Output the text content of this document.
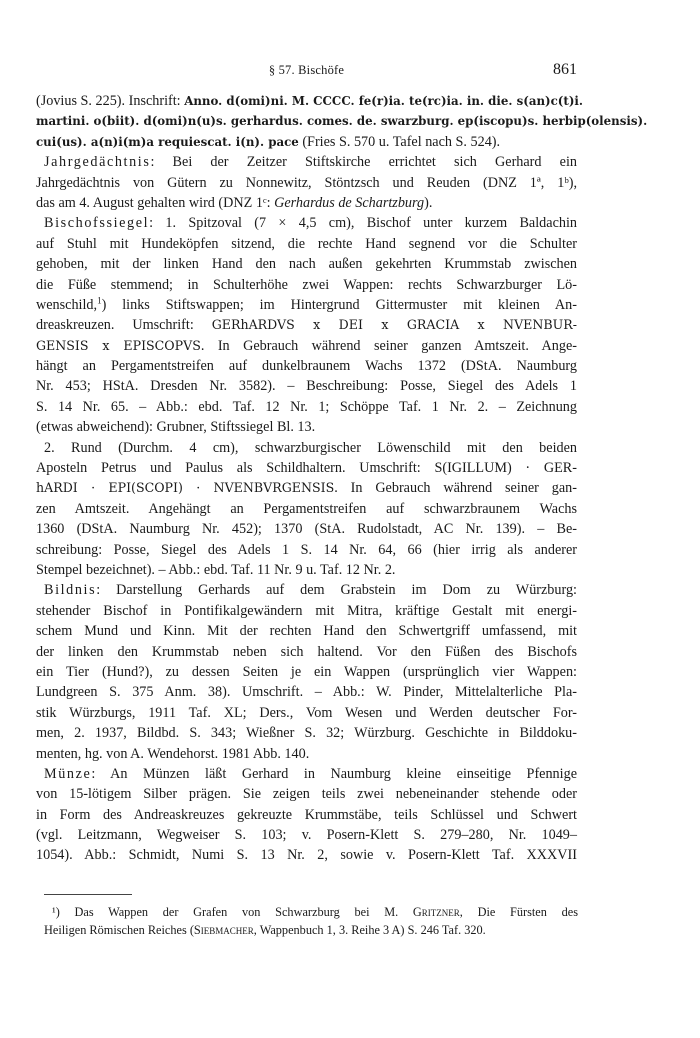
§ 57. Bischöfe	861
(Jovius S. 225). Inschrift: Anno. d(omi)ni. M. CCCC. fe(r)ia. te(rc)ia. in. die. s(an)c(t)i.
martini. o(biit). d(omi)n(u)s. gerhardus. comes. de. swarzburg. ep(iscopu)s. herbip(olensis).
cui(us). a(n)i(m)a requiescat. i(n). pace (Fries S. 570 u. Tafel nach S. 524).
Jahrgedächtnis: Bei der Zeitzer Stiftskirche errichtet sich Gerhard ein
Jahrgedächtnis von Gütern zu Nonnewitz, Stöntzsch und Reuden (DNZ 1ª, 1ᵇ),
das am 4. August gehalten wird (DNZ 1ᶜ: Gerhardus de Schartzburg).
Bischofssiegel: 1. Spitzoval (7 × 4,5 cm), Bischof unter kurzem Baldachin
auf Stuhl mit Hundeköpfen sitzend, die rechte Hand segnend vor die Schulter
gehoben, mit der linken Hand den nach außen gekehrten Krummstab zwischen
die Füße stemmend; in Schulterhöhe zwei Wappen: rechts Schwarzburger Lö-
wenschild,$^1$) links Stiftswappen; im Hintergrund Gittermuster mit kleinen An-
dreaskreuzen. Umschrift: GERhARDVS x DEI x GRACIA x NVENBUR-
GENSIS x EPISCOPVS. In Gebrauch während seiner ganzen Amtszeit. Ange-
hängt an Pergamentstreifen auf dunkelbraunem Wachs 1372 (DStA. Naumburg
Nr. 453; HStA. Dresden Nr. 3582). – Beschreibung: Posse, Siegel des Adels 1
S. 14 Nr. 65. – Abb.: ebd. Taf. 12 Nr. 1; Schöppe Taf. 1 Nr. 2. – Zeichnung
(etwas abweichend): Grubner, Stiftssiegel Bl. 13.
2. Rund (Durchm. 4 cm), schwarzburgischer Löwenschild mit den beiden
Aposteln Petrus und Paulus als Schildhaltern. Umschrift: S(IGILLUM) · GER-
hARDI · EPI(SCOPI) · NVENBVRGENSIS. In Gebrauch während seiner gan-
zen Amtszeit. Angehängt an Pergamentstreifen auf schwarzbraunem Wachs
1360 (DStA. Naumburg Nr. 452); 1370 (StA. Rudolstadt, AC Nr. 139). – Be-
schreibung: Posse, Siegel des Adels 1 S. 14 Nr. 64, 66 (hier irrig als anderer
Stempel bezeichnet). – Abb.: ebd. Taf. 11 Nr. 9 u. Taf. 12 Nr. 2.
Bildnis: Darstellung Gerhards auf dem Grabstein im Dom zu Würzburg:
stehender Bischof in Pontifikalgewändern mit Mitra, kräftige Gestalt mit energi-
schem Mund und Kinn. Mit der rechten Hand den Schwertgriff umfassend, mit
der linken den Krummstab neben sich haltend. Vor den Füßen des Bischofs
ein Tier (Hund?), zu dessen Seiten je ein Wappen (ursprünglich vier Wappen:
Lundgreen S. 375 Anm. 38). Umschrift. – Abb.: W. Pinder, Mittelalterliche Pla-
stik Würzburgs, 1911 Taf. XL; Ders., Vom Wesen und Werden deutscher For-
men, 2. 1937, Bildbd. S. 343; Wießner S. 32; Würzburg. Geschichte in Bilddoku-
menten, hg. von A. Wendehorst. 1981 Abb. 140.
Münze: An Münzen läßt Gerhard in Naumburg kleine einseitige Pfennige
von 15-lötigem Silber prägen. Sie zeigen teils zwei nebeneinander stehende oder
in Form des Andreaskreuzes gekreuzte Krummstäbe, teils Schlüssel und Schwert
(vgl. Leitzmann, Wegweiser S. 103; v. Posern-Klett S. 279–280, Nr. 1049–
1054). Abb.: Schmidt, Numi S. 13 Nr. 2, sowie v. Posern-Klett Taf. XXXVII
¹) Das Wappen der Grafen von Schwarzburg bei M. Gritzner, Die Fürsten des
Heiligen Römischen Reiches (Siebmacher, Wappenbuch 1, 3. Reihe 3 A) S. 246 Taf. 320.
